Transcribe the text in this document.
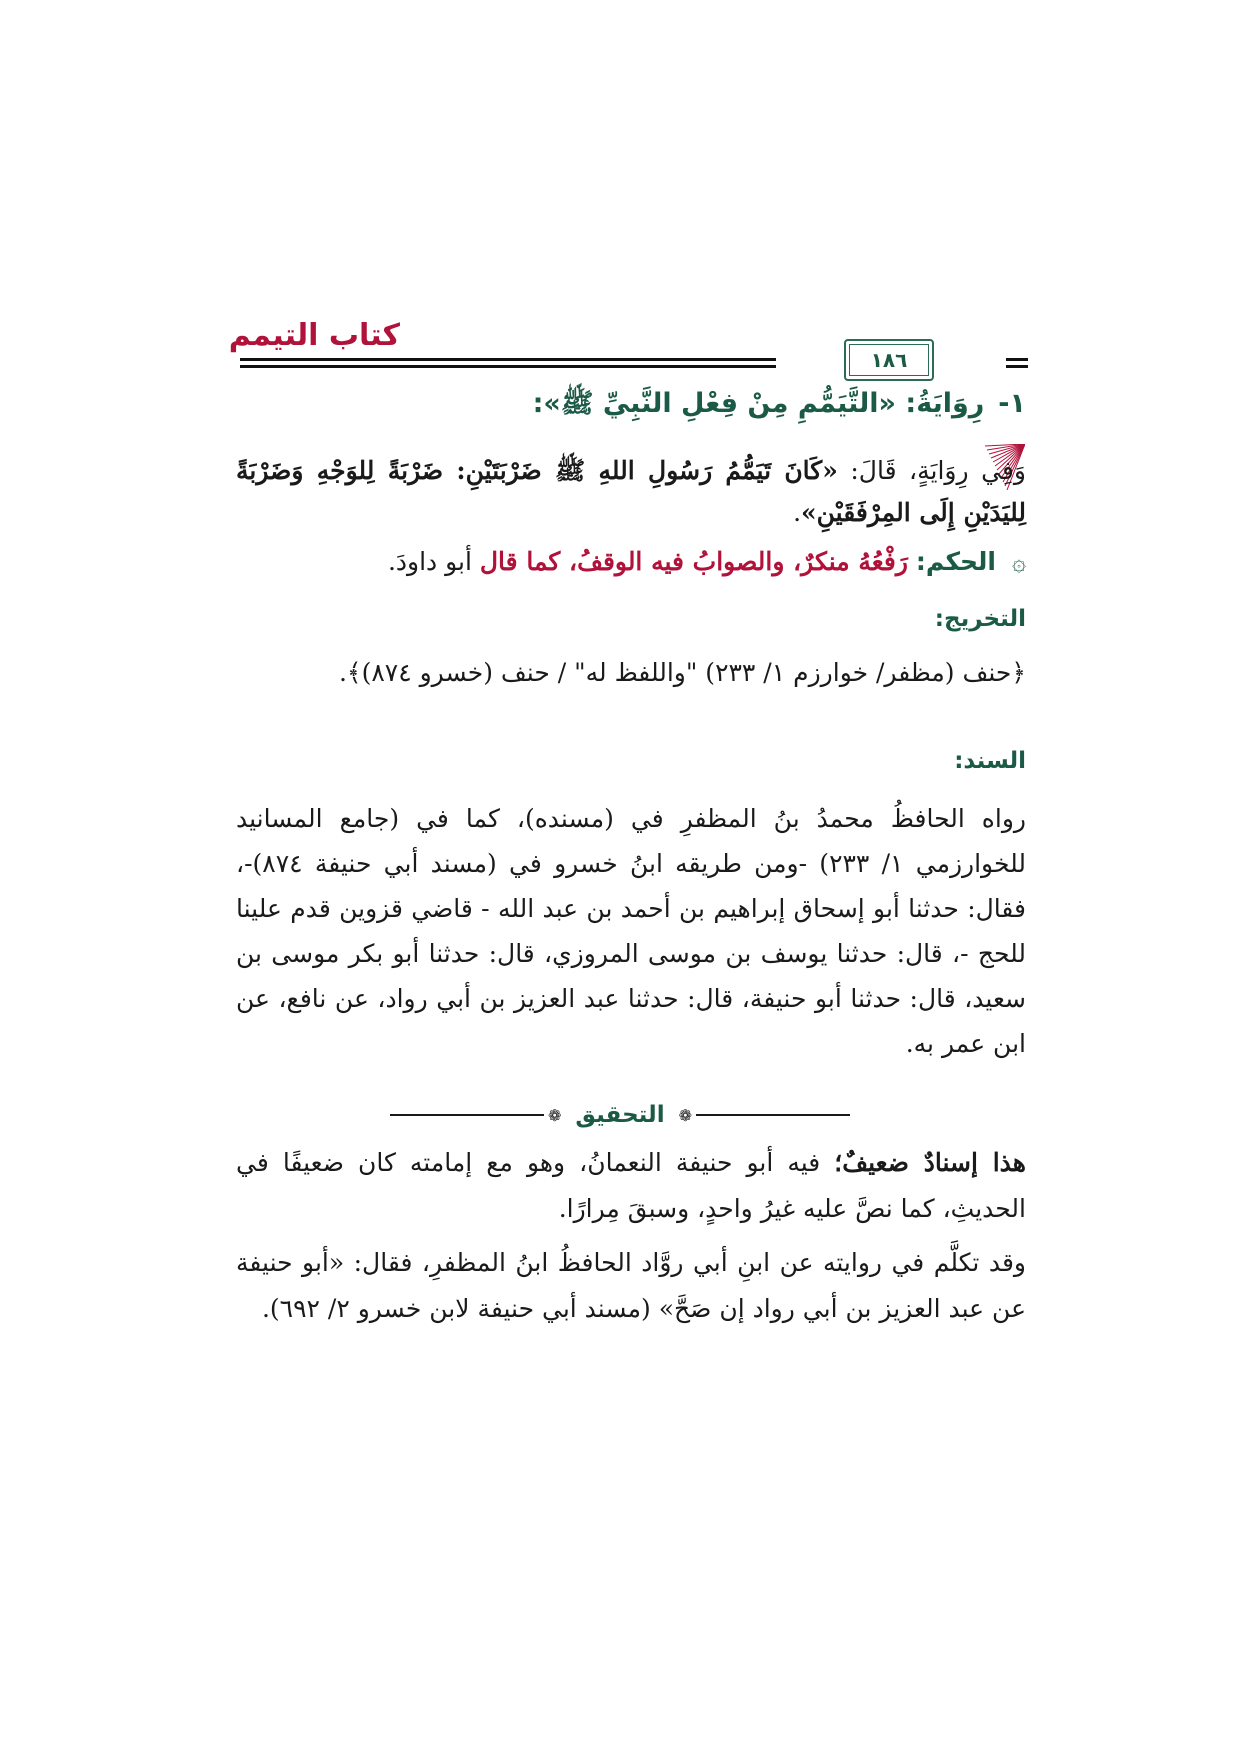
كتاب التيمم
١٨٦
١-رِوَايَةُ: «التَّيَمُّمِ مِنْ فِعْلِ النَّبِيِّ ﷺ»:
وَفِي رِوَايَةٍ، قَالَ: «كَانَ تَيَمُّمُ رَسُولِ اللهِ ﷺ ضَرْبَتَيْنِ: ضَرْبَةً لِلوَجْهِ وَضَرْبَةً لِليَدَيْنِ إِلَى المِرْفَقَيْنِ».
۞ الحكم: رَفْعُهُ منكرٌ، والصوابُ فيه الوقفُ، كما قال أبو داودَ.
التخريج:
﴿حنف (مظفر/ خوارزم ١/ ٢٣٣) "واللفظ له" / حنف (خسرو ٨٧٤)﴾.
السند:
رواه الحافظُ محمدُ بنُ المظفرِ في (مسنده)، كما في (جامع المسانيد للخوارزمي ١/ ٢٣٣) -ومن طريقه ابنُ خسرو في (مسند أبي حنيفة ٨٧٤)-، فقال: حدثنا أبو إسحاق إبراهيم بن أحمد بن عبد الله - قاضي قزوين قدم علينا للحج -، قال: حدثنا يوسف بن موسى المروزي، قال: حدثنا أبو بكر موسى بن سعيد، قال: حدثنا أبو حنيفة، قال: حدثنا عبد العزيز بن أبي رواد، عن نافع، عن ابن عمر به.
❁ التحقيق ❁
هذا إسنادٌ ضعيفٌ؛ فيه أبو حنيفة النعمانُ، وهو مع إمامته كان ضعيفًا في الحديثِ، كما نصَّ عليه غيرُ واحدٍ، وسبقَ مِرارًا.
وقد تكلَّم في روايته عن ابنِ أبي روَّاد الحافظُ ابنُ المظفرِ، فقال: «أبو حنيفة عن عبد العزيز بن أبي رواد إن صَحَّ» (مسند أبي حنيفة لابن خسرو ٢/ ٦٩٢).
